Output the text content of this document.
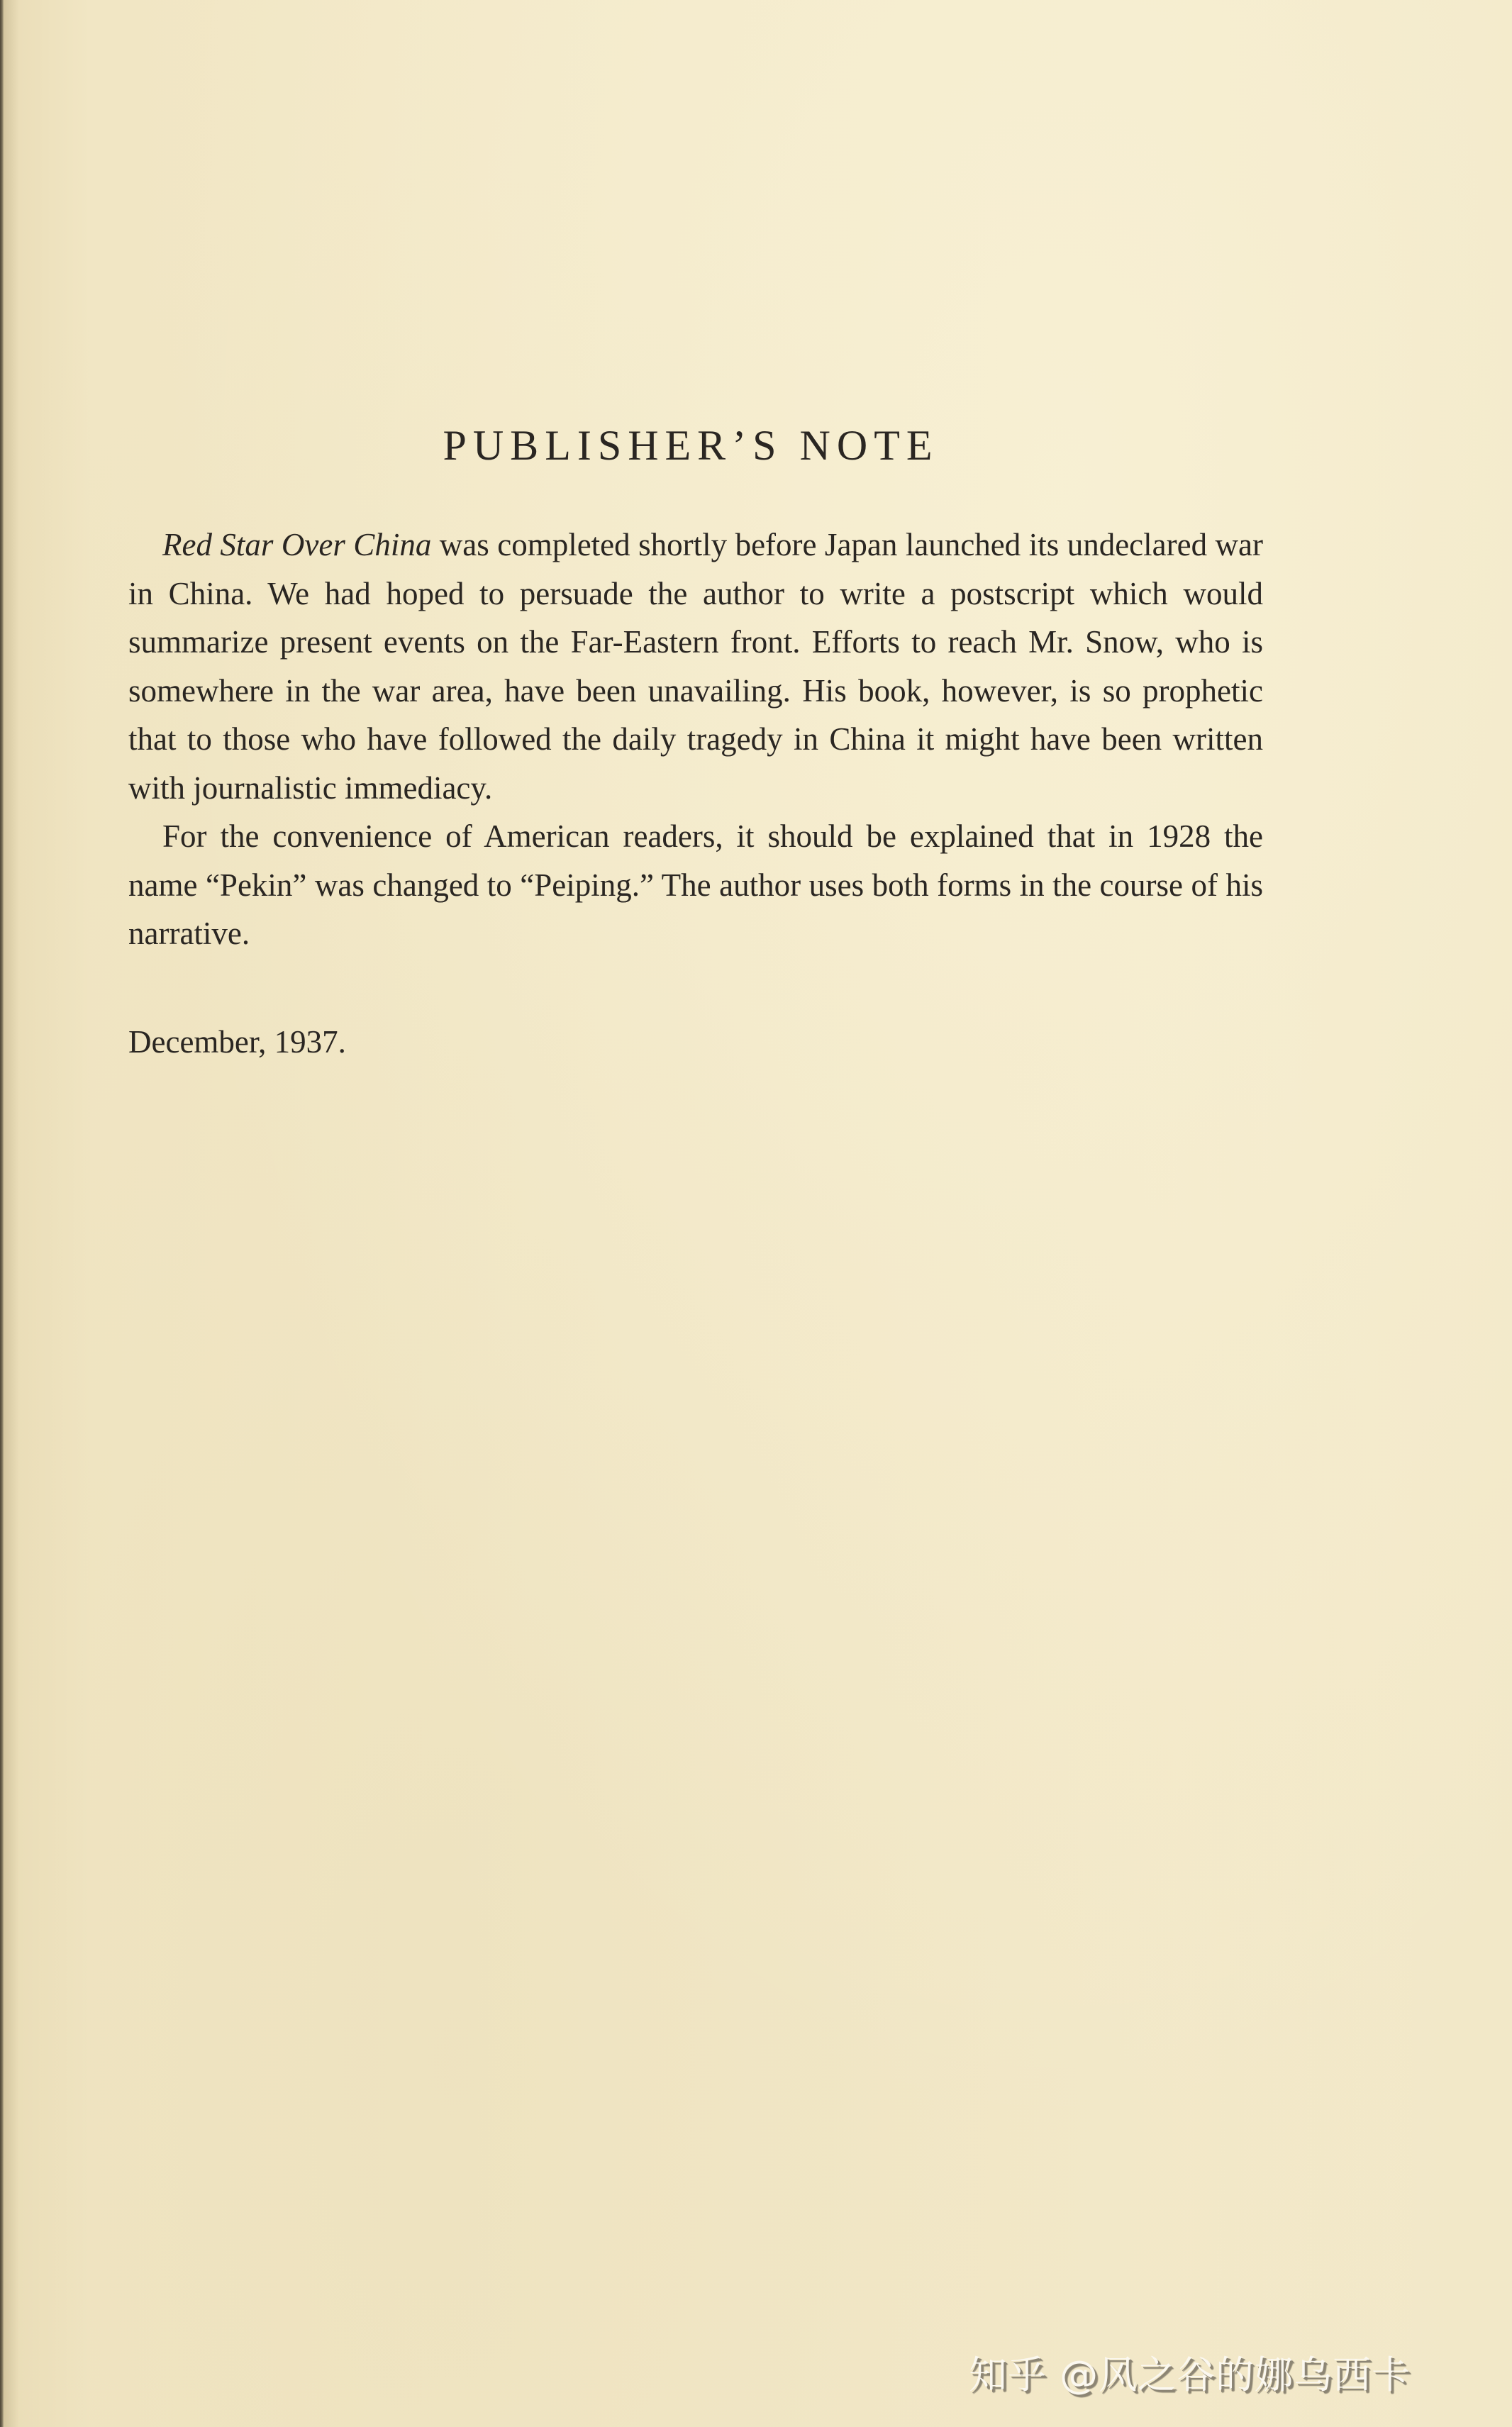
PUBLISHER’S NOTE

Red Star Over China was completed shortly before Japan launched its undeclared war in China. We had hoped to persuade the author to write a postscript which would summarize present events on the Far-Eastern front. Efforts to reach Mr. Snow, who is somewhere in the war area, have been unavailing. His book, however, is so prophetic that to those who have followed the daily tragedy in China it might have been written with journalistic immediacy.

For the convenience of American readers, it should be explained that in 1928 the name “Pekin” was changed to “Peiping.” The author uses both forms in the course of his narrative.

December, 1937.

知乎 @风之谷的娜乌西卡
